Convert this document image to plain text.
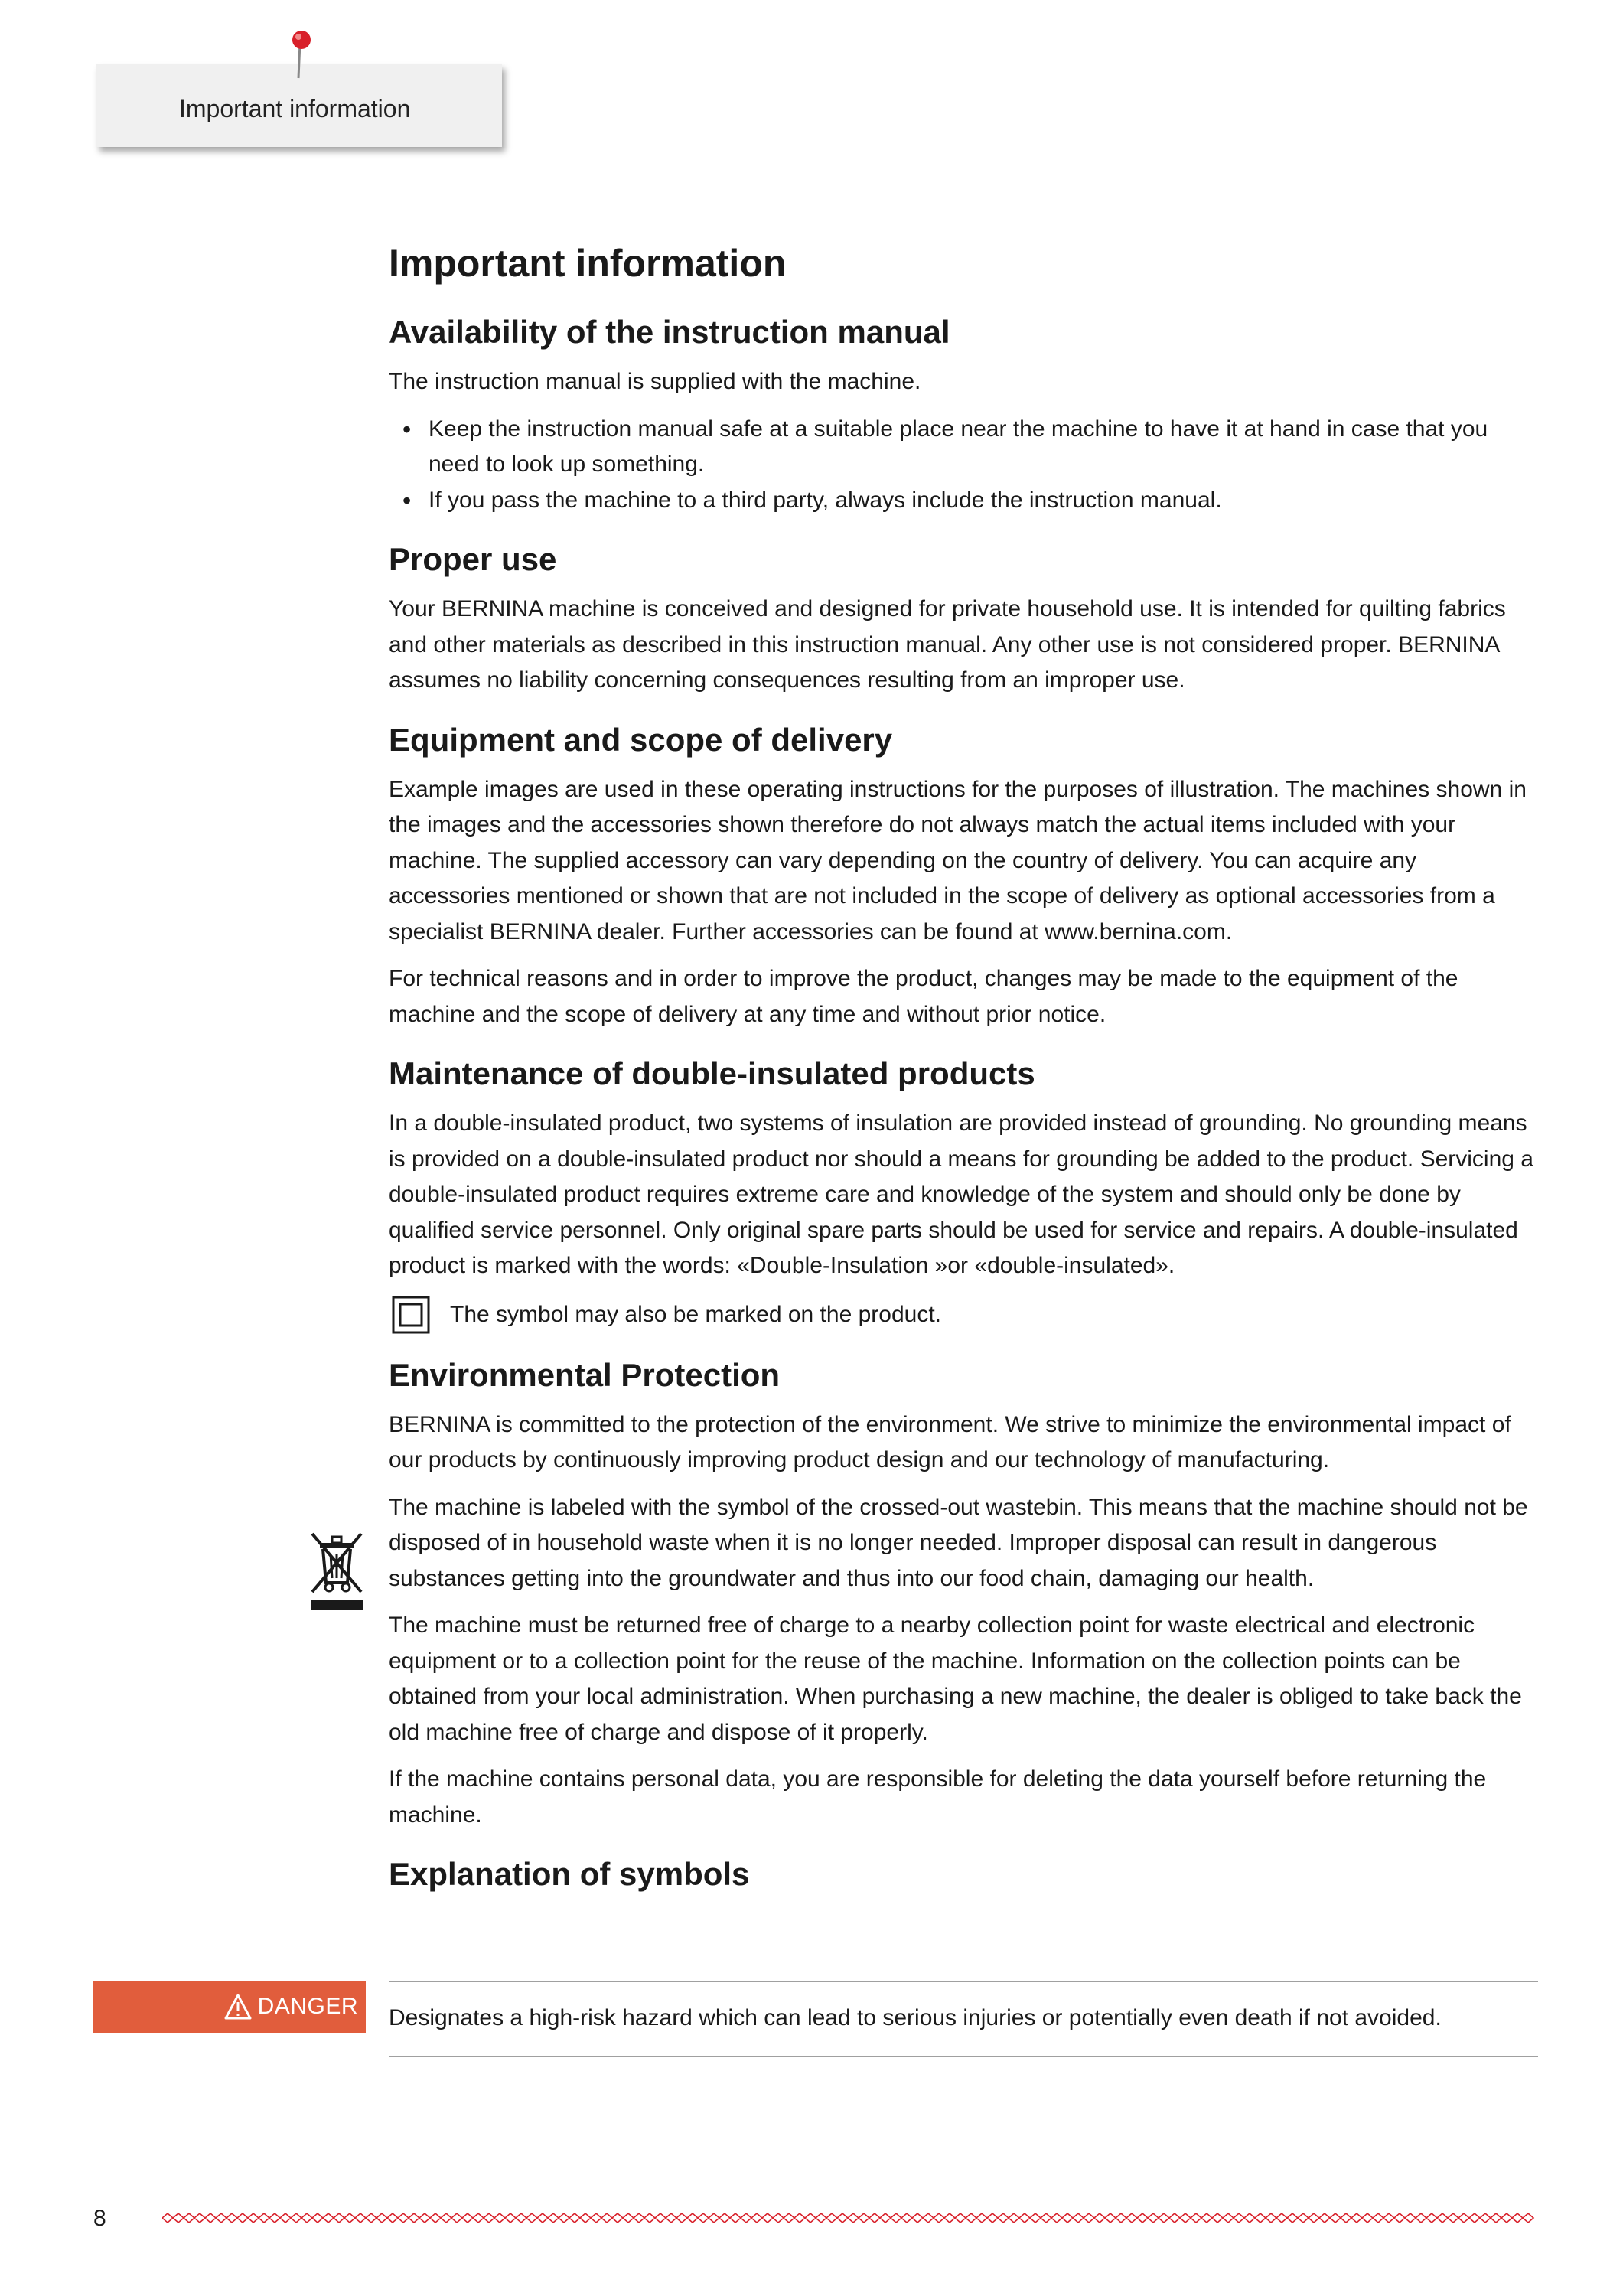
Important information
Important information
Availability of the instruction manual

The instruction manual is supplied with the machine.

• Keep the instruction manual safe at a suitable place near the machine to have it at hand in case that you need to look up something.
• If you pass the machine to a third party, always include the instruction manual.
Proper use

Your BERNINA machine is conceived and designed for private household use. It is intended for quilting fabrics and other materials as described in this instruction manual. Any other use is not considered proper. BERNINA assumes no liability concerning consequences resulting from an improper use.

Equipment and scope of delivery

Example images are used in these operating instructions for the purposes of illustration. The machines shown in the images and the accessories shown therefore do not always match the actual items included with your machine. The supplied accessory can vary depending on the country of delivery. You can acquire any accessories mentioned or shown that are not included in the scope of delivery as optional accessories from a specialist BERNINA dealer. Further accessories can be found at www.bernina.com.

For technical reasons and in order to improve the product, changes may be made to the equipment of the machine and the scope of delivery at any time and without prior notice.

Maintenance of double-insulated products

In a double-insulated product, two systems of insulation are provided instead of grounding. No grounding means is provided on a double-insulated product nor should a means for grounding be added to the product. Servicing a double-insulated product requires extreme care and knowledge of the system and should only be done by qualified service personnel. Only original spare parts should be used for service and repairs. A double-insulated product is marked with the words: «Double-Insulation »or «double-insulated».

The symbol may also be marked on the product.
Environmental Protection

BERNINA is committed to the protection of the environment. We strive to minimize the environmental impact of our products by continuously improving product design and our technology of manufacturing.

The machine is labeled with the symbol of the crossed-out wastebin. This means that the machine should not be disposed of in household waste when it is no longer needed. Improper disposal can result in dangerous substances getting into the groundwater and thus into our food chain, damaging our health.

The machine must be returned free of charge to a nearby collection point for waste electrical and electronic equipment or to a collection point for the reuse of the machine. Information on the collection points can be obtained from your local administration. When purchasing a new machine, the dealer is obliged to take back the old machine free of charge and dispose of it properly.

If the machine contains personal data, you are responsible for deleting the data yourself before returning the machine.

Explanation of symbols
DANGER Designates a high-risk hazard which can lead to serious injuries or potentially even death if not avoided.
8
